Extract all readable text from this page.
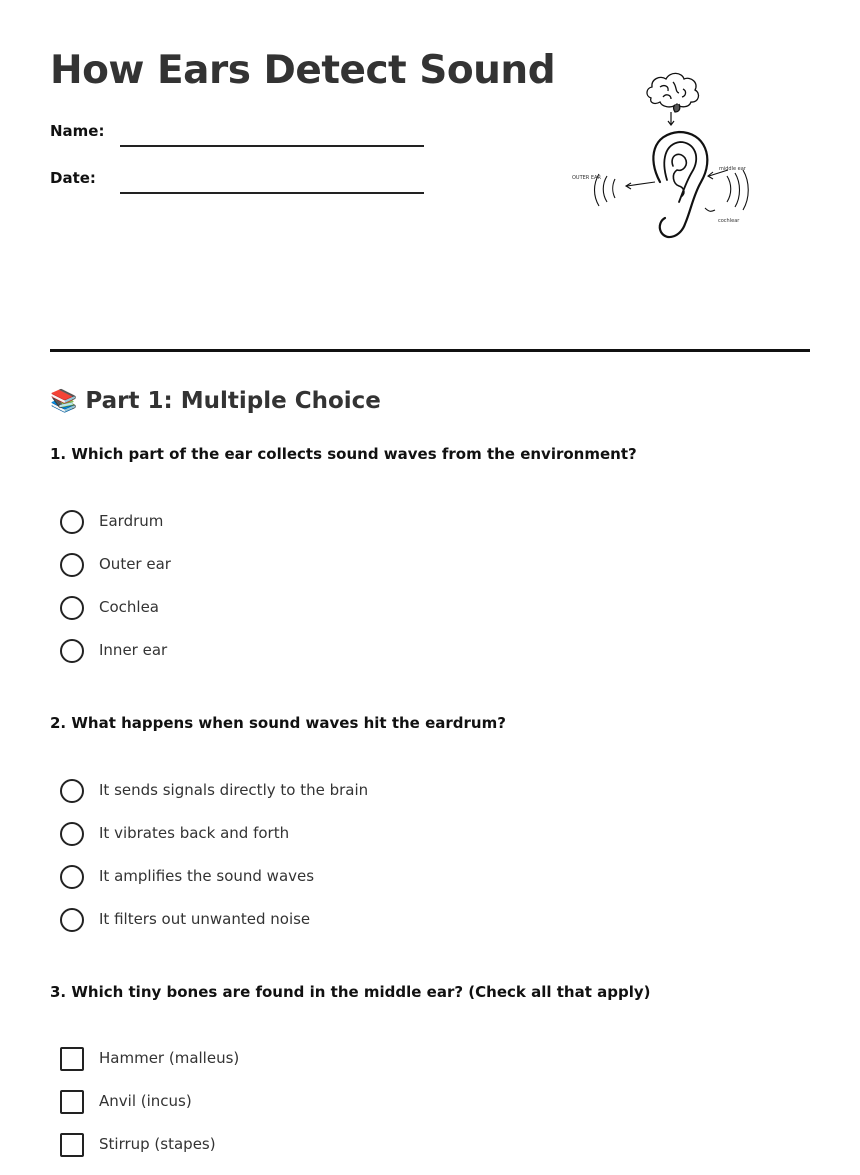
How Ears Detect Sound
Name:
Date:	OUTER EAR
middle ear
cochlear
📚 Part 1: Multiple Choice

1. Which part of the ear collects sound waves from the environment?

Eardrum
Outer ear
Cochlea
Inner ear

2. What happens when sound waves hit the eardrum?

It sends signals directly to the brain
It vibrates back and forth
It amplifies the sound waves
It filters out unwanted noise

3. Which tiny bones are found in the middle ear? (Check all that apply)

Hammer (malleus)
Anvil (incus)
Stirrup (stapes)
